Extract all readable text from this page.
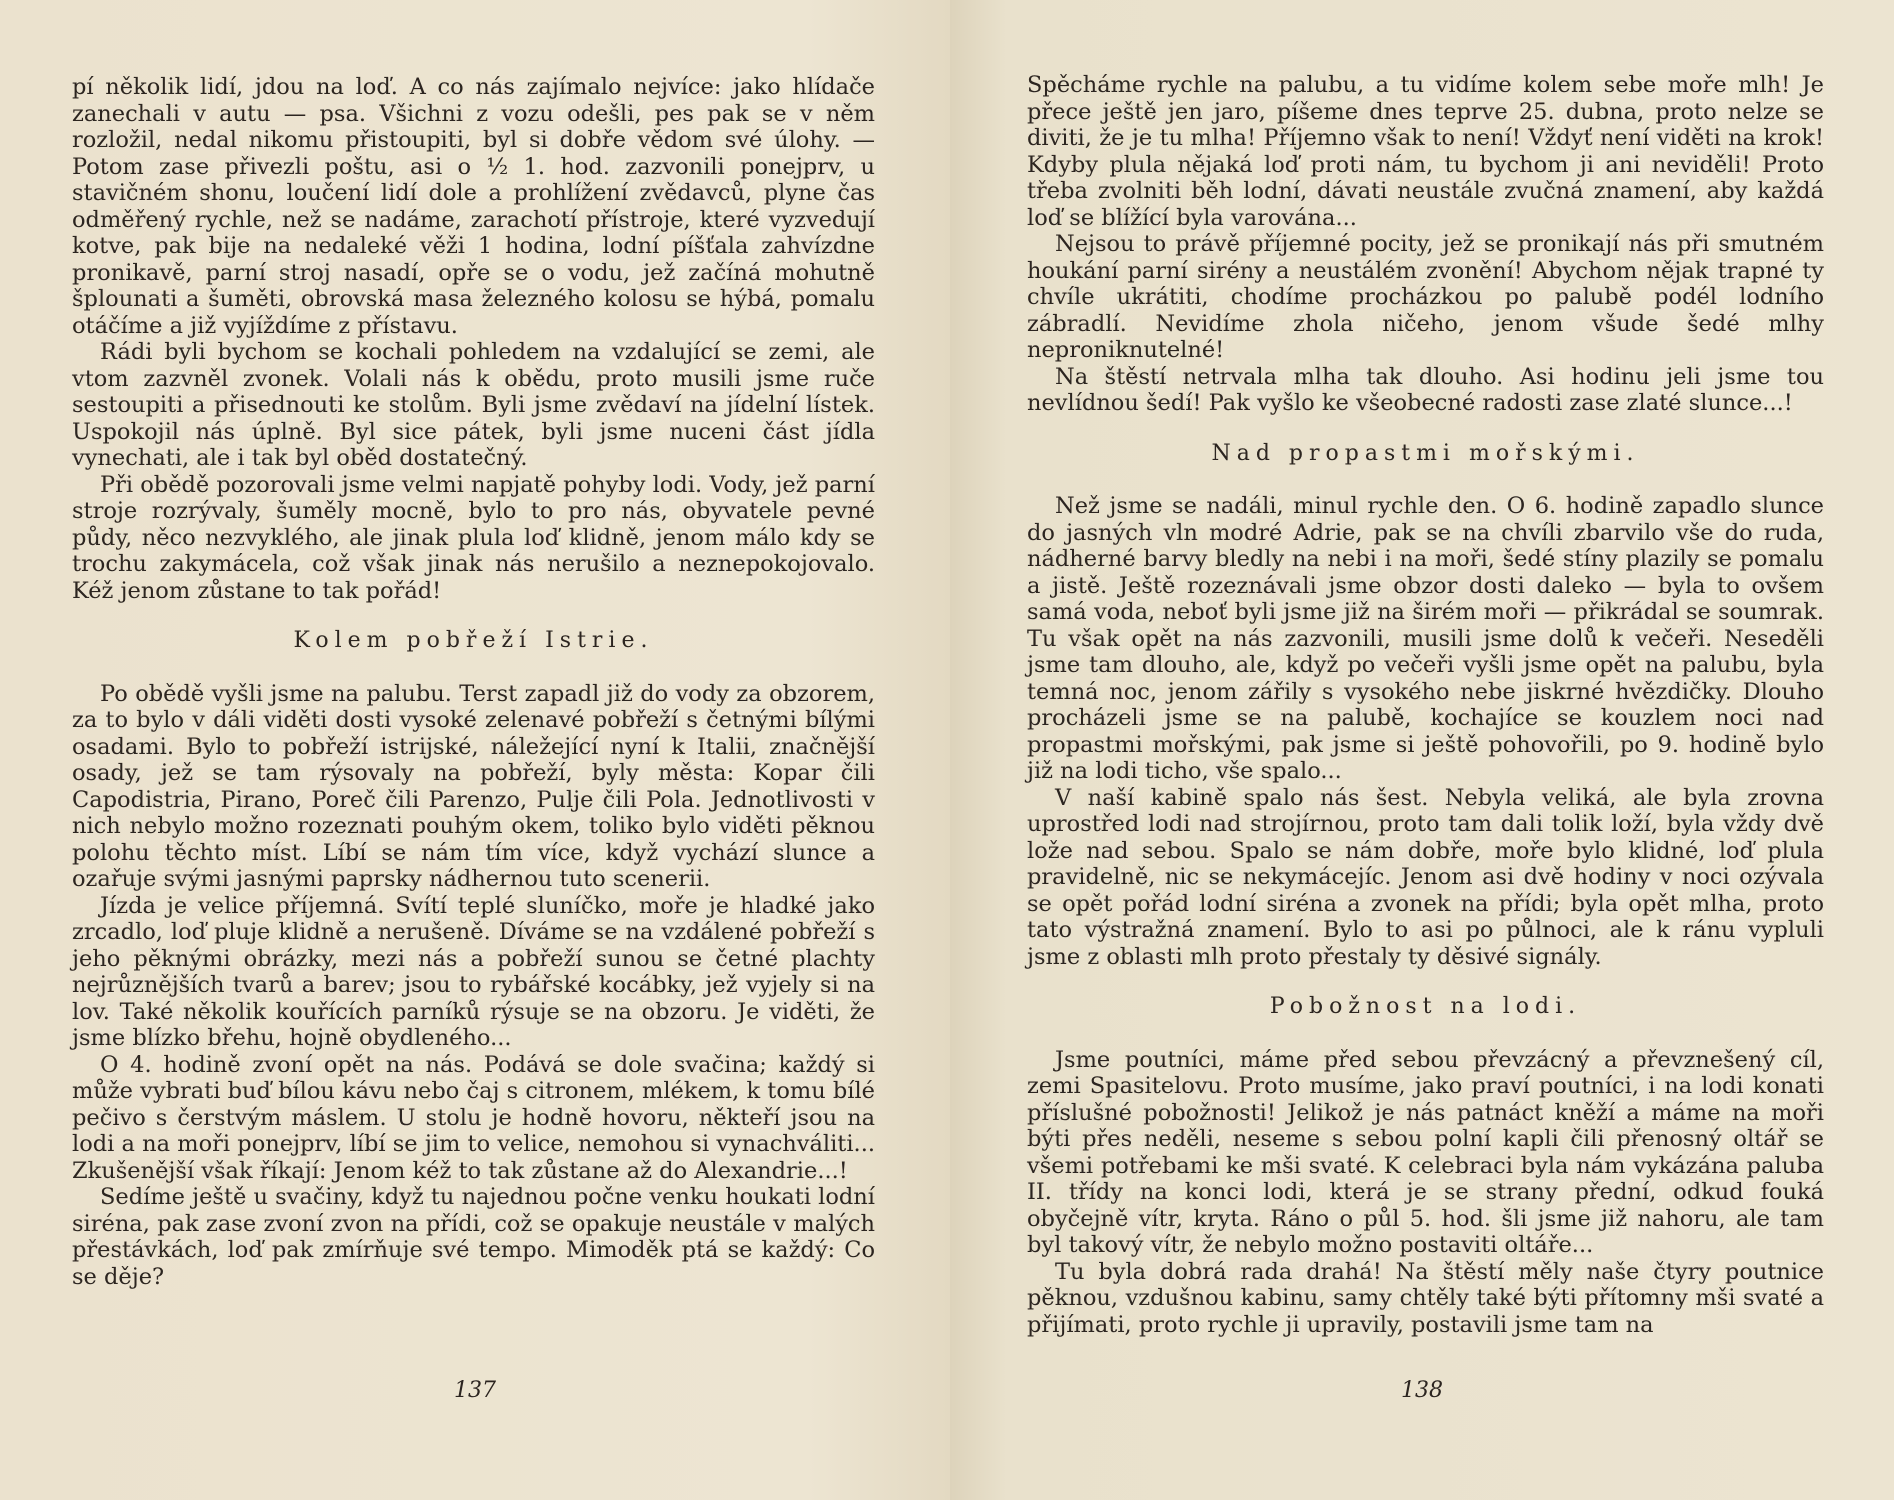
pí několik lidí, jdou na loď. A co nás zajímalo nejvíce: jako hlídače zanechali v autu — psa. Všichni z vozu odešli, pes pak se v něm rozložil, nedal nikomu přistoupiti, byl si dobře vědom své úlohy. — Potom zase přivezli poštu, asi o ½ 1. hod. zazvonili ponejprv, u stavičném shonu, loučení lidí dole a prohlížení zvědavců, plyne čas odměřený rychle, než se nadáme, zarachotí přístroje, které vyzvedují kotve, pak bije na nedaleké věži 1 hodina, lodní píšťala zahvízdne pronikavě, parní stroj nasadí, opře se o vodu, jež začíná mohutně šplounati a šuměti, obrovská masa železného kolosu se hýbá, pomalu otáčíme a již vyjíždíme z přístavu.

Rádi byli bychom se kochali pohledem na vzdalující se zemi, ale vtom zazvněl zvonek. Volali nás k obědu, proto musili jsme ruče sestoupiti a přisednouti ke stolům. Byli jsme zvědaví na jídelní lístek. Uspokojil nás úplně. Byl sice pátek, byli jsme nuceni část jídla vynechati, ale i tak byl oběd dostatečný.

Při obědě pozorovali jsme velmi napjatě pohyby lodi. Vody, jež parní stroje rozrývaly, šuměly mocně, bylo to pro nás, obyvatele pevné půdy, něco nezvyklého, ale jinak plula loď klidně, jenom málo kdy se trochu zakymácela, což však jinak nás nerušilo a neznepokojovalo. Kéž jenom zůstane to tak pořád!

Kolem pobřeží Istrie.

Po obědě vyšli jsme na palubu. Terst zapadl již do vody za obzorem, za to bylo v dáli viděti dosti vysoké zelenavé pobřeží s četnými bílými osadami. Bylo to pobřeží istrijské, náležející nyní k Italii, značnější osady, jež se tam rýsovaly na pobřeží, byly města: Kopar čili Capodistria, Pirano, Poreč čili Parenzo, Pulje čili Pola. Jednotlivosti v nich nebylo možno rozeznati pouhým okem, toliko bylo viděti pěknou polohu těchto míst. Líbí se nám tím více, když vychází slunce a ozařuje svými jasnými paprsky nádhernou tuto scenerii.

Jízda je velice příjemná. Svítí teplé sluníčko, moře je hladké jako zrcadlo, loď pluje klidně a nerušeně. Díváme se na vzdálené pobřeží s jeho pěknými obrázky, mezi nás a pobřeží sunou se četné plachty nejrůznějších tvarů a barev; jsou to rybářské kocábky, jež vyjely si na lov. Také několik kouřících parníků rýsuje se na obzoru. Je viděti, že jsme blízko břehu, hojně obydleného...

O 4. hodině zvoní opět na nás. Podává se dole svačina; každý si může vybrati buď bílou kávu nebo čaj s citronem, mlékem, k tomu bílé pečivo s čerstvým máslem. U stolu je hodně hovoru, někteří jsou na lodi a na moři ponejprv, líbí se jim to velice, nemohou si vynachváliti... Zkušenější však říkají: Jenom kéž to tak zůstane až do Alexandrie...!

Sedíme ještě u svačiny, když tu najednou počne venku houkati lodní siréna, pak zase zvoní zvon na přídi, což se opakuje neustále v malých přestávkách, loď pak zmírňuje své tempo. Mimoděk ptá se každý: Co se děje?

137

Spěcháme rychle na palubu, a tu vidíme kolem sebe moře mlh! Je přece ještě jen jaro, píšeme dnes teprve 25. dubna, proto nelze se diviti, že je tu mlha! Příjemno však to není! Vždyť není viděti na krok! Kdyby plula nějaká loď proti nám, tu bychom ji ani neviděli! Proto třeba zvolniti běh lodní, dávati neustále zvučná znamení, aby každá loď se blížící byla varována...

Nejsou to právě příjemné pocity, jež se pronikají nás při smutném houkání parní sirény a neustálém zvonění! Abychom nějak trapné ty chvíle ukrátiti, chodíme procházkou po palubě podél lodního zábradlí. Nevidíme zhola ničeho, jenom všude šedé mlhy neproniknutelné!

Na štěstí netrvala mlha tak dlouho. Asi hodinu jeli jsme tou nevlídnou šedí! Pak vyšlo ke všeobecné radosti zase zlaté slunce...!

Nad propastmi mořskými.

Než jsme se nadáli, minul rychle den. O 6. hodině zapadlo slunce do jasných vln modré Adrie, pak se na chvíli zbarvilo vše do ruda, nádherné barvy bledly na nebi i na moři, šedé stíny plazily se pomalu a jistě. Ještě rozeznávali jsme obzor dosti daleko — byla to ovšem samá voda, neboť byli jsme již na širém moři — přikrádal se soumrak. Tu však opět na nás zazvonili, musili jsme dolů k večeři. Neseděli jsme tam dlouho, ale, když po večeři vyšli jsme opět na palubu, byla temná noc, jenom zářily s vysokého nebe jiskrné hvězdičky. Dlouho procházeli jsme se na palubě, kochajíce se kouzlem noci nad propastmi mořskými, pak jsme si ještě pohovořili, po 9. hodině bylo již na lodi ticho, vše spalo...

V naší kabině spalo nás šest. Nebyla veliká, ale byla zrovna uprostřed lodi nad strojírnou, proto tam dali tolik loží, byla vždy dvě lože nad sebou. Spalo se nám dobře, moře bylo klidné, loď plula pravidelně, nic se nekymácejíc. Jenom asi dvě hodiny v noci ozývala se opět pořád lodní siréna a zvonek na přídi; byla opět mlha, proto tato výstražná znamení. Bylo to asi po půlnoci, ale k ránu vypluli jsme z oblasti mlh proto přestaly ty děsivé signály.

Pobožnost na lodi.

Jsme poutníci, máme před sebou převzácný a převznešený cíl, zemi Spasitelovu. Proto musíme, jako praví poutníci, i na lodi konati příslušné pobožnosti! Jelikož je nás patnáct kněží a máme na moři býti přes neděli, neseme s sebou polní kapli čili přenosný oltář se všemi potřebami ke mši svaté. K celebraci byla nám vykázána paluba II. třídy na konci lodi, která je se strany přední, odkud fouká obyčejně vítr, kryta. Ráno o půl 5. hod. šli jsme již nahoru, ale tam byl takový vítr, že nebylo možno postaviti oltáře...

Tu byla dobrá rada drahá! Na štěstí měly naše čtyry poutnice pěknou, vzdušnou kabinu, samy chtěly také býti přítomny mši svaté a přijímati, proto rychle ji upravily, postavili jsme tam na

138
